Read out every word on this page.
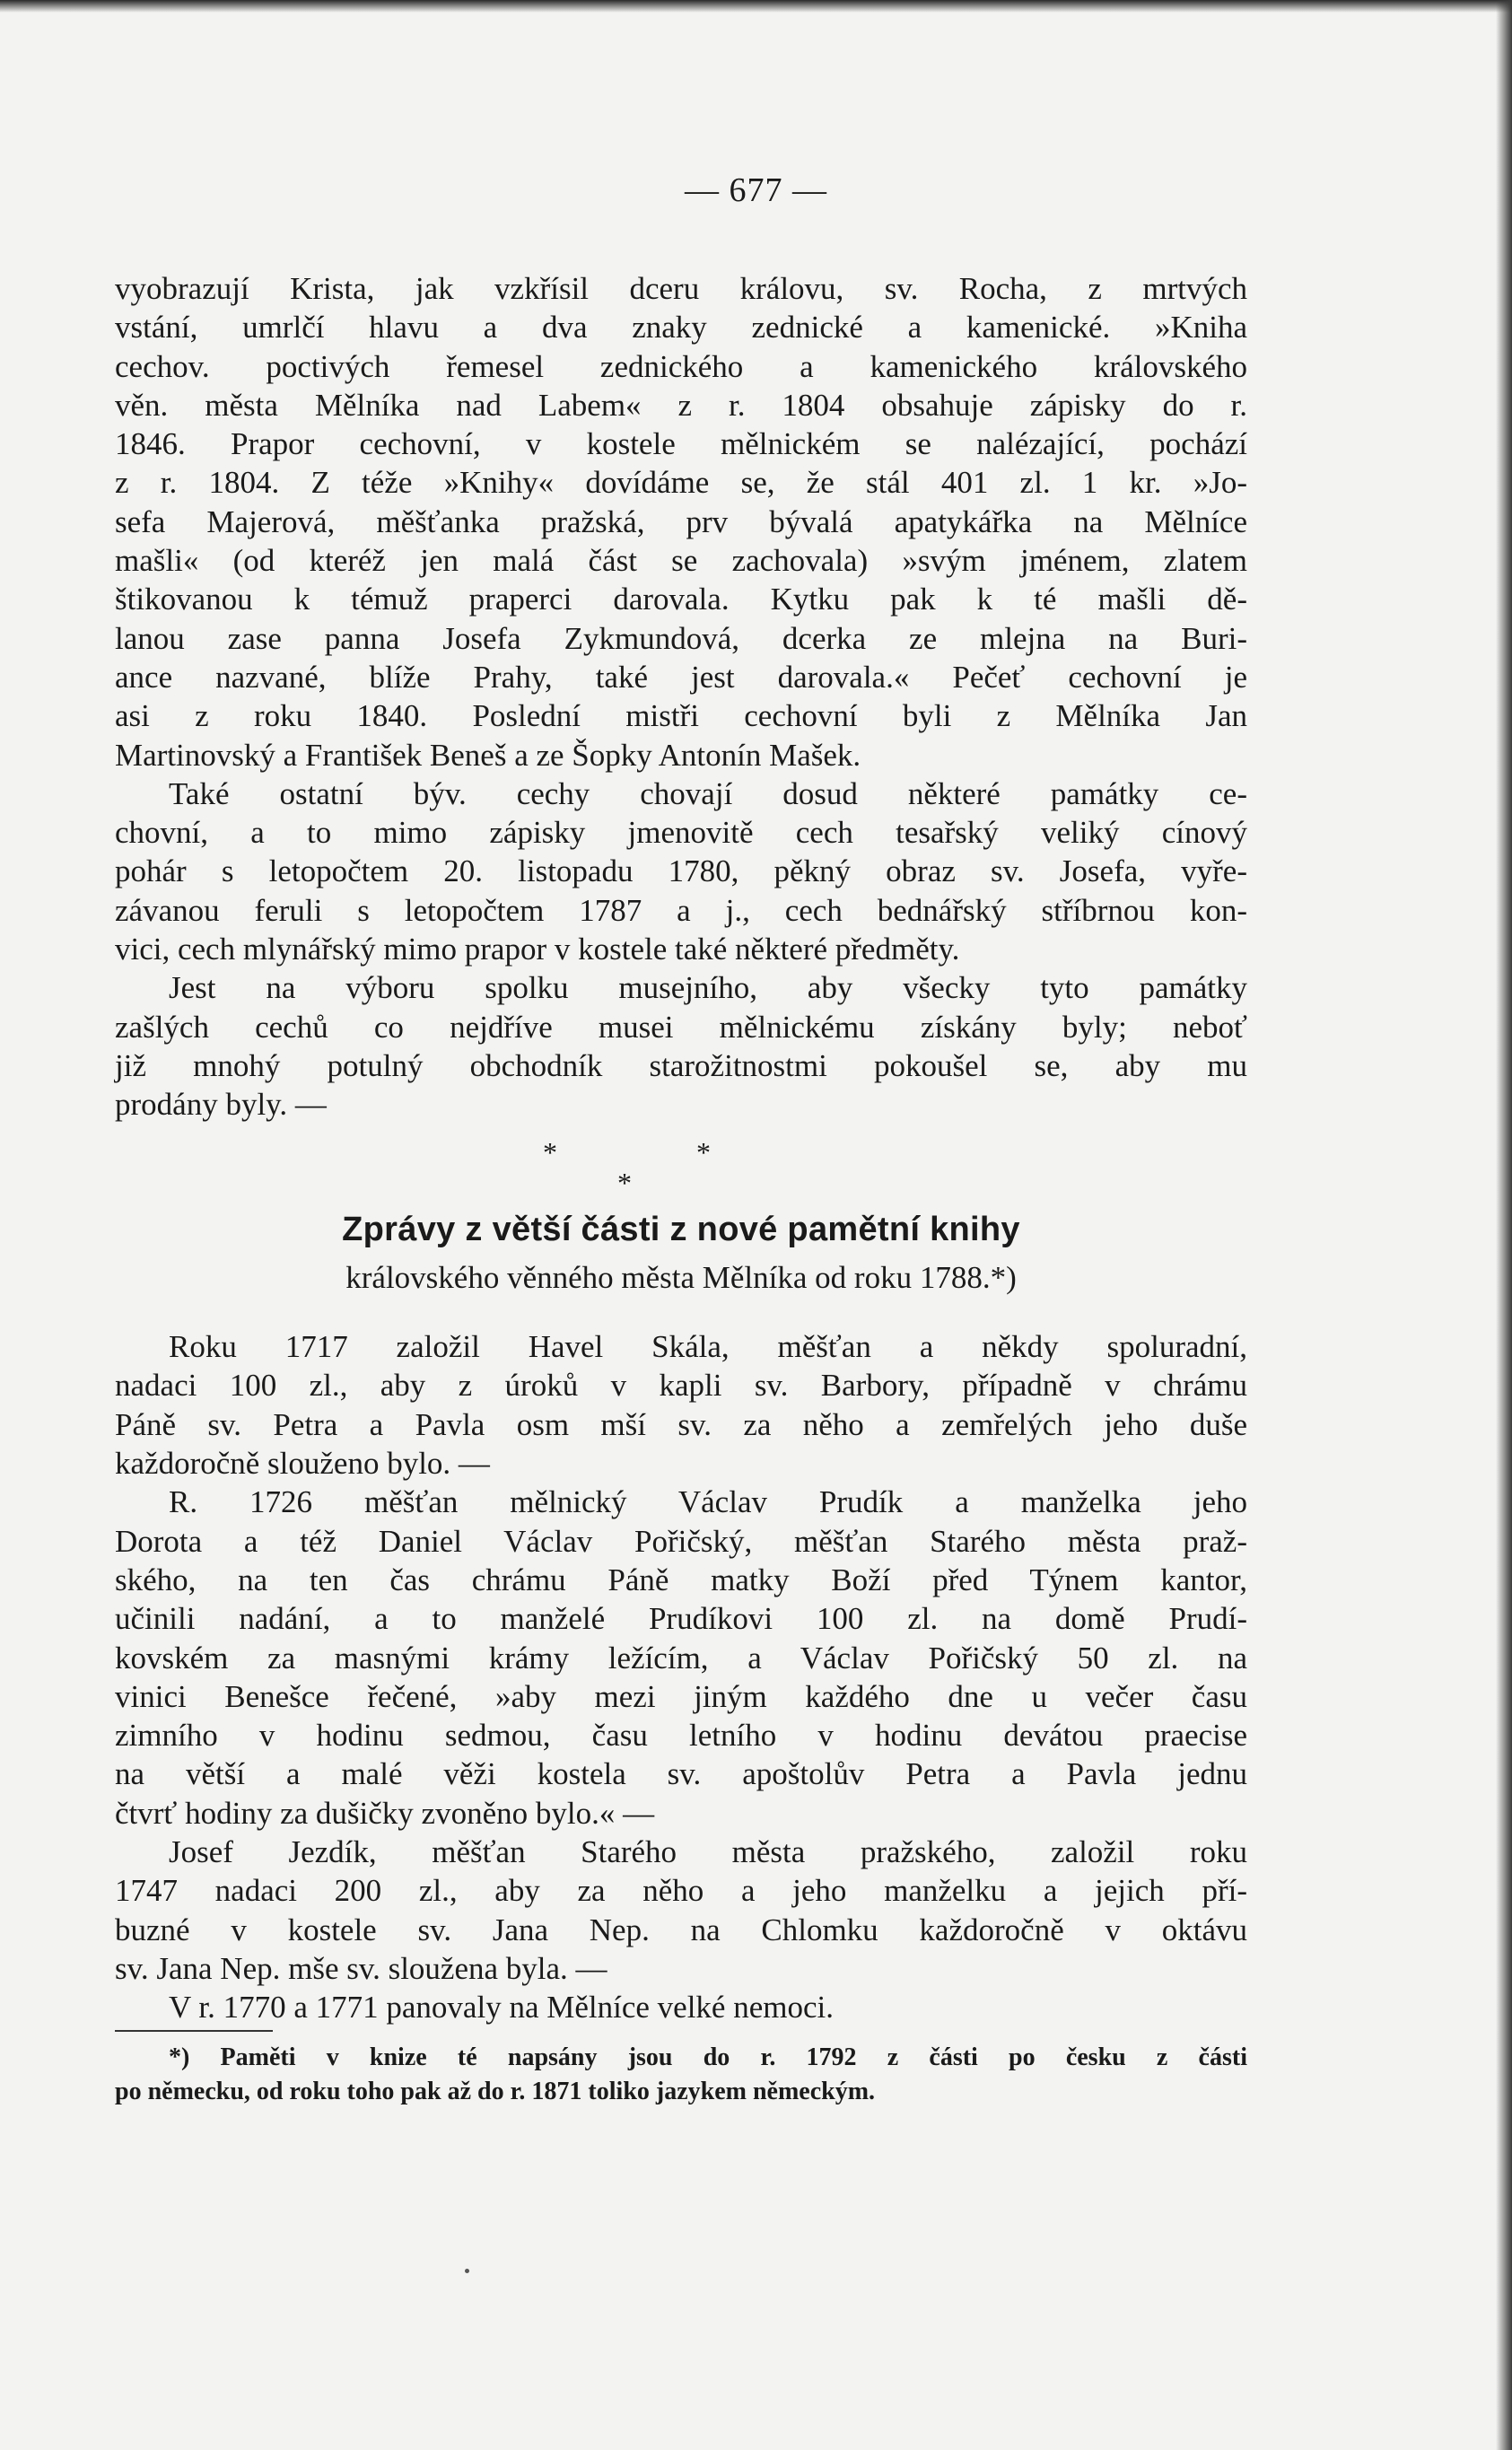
— 677 —

vyobrazují Krista, jak vzkřísil dceru královu, sv. Rocha, z mrtvých
vstání, umrlčí hlavu a dva znaky zednické a kamenické. »Kniha
cechov. poctivých řemesel zednického a kamenického královského
věn. města Mělníka nad Labem« z r. 1804 obsahuje zápisky do r.
1846. Prapor cechovní, v kostele mělnickém se nalézající, pochází
z r. 1804. Z téže »Knihy« dovídáme se, že stál 401 zl. 1 kr. »Jo-
sefa Majerová, měšťanka pražská, prv bývalá apatykářka na Mělníce
mašli« (od kteréž jen malá část se zachovala) »svým jménem, zlatem
štikovanou k témuž praperci darovala. Kytku pak k té mašli dě-
lanou zase panna Josefa Zykmundová, dcerka ze mlejna na Buri-
ance nazvané, blíže Prahy, také jest darovala.« Pečeť cechovní je
asi z roku 1840. Poslední mistři cechovní byli z Mělníka Jan
Martinovský a František Beneš a ze Šopky Antonín Mašek.

Také ostatní býv. cechy chovají dosud některé památky ce-
chovní, a to mimo zápisky jmenovitě cech tesařský veliký cínový
pohár s letopočtem 20. listopadu 1780, pěkný obraz sv. Josefa, vyře-
závanou feruli s letopočtem 1787 a j., cech bednářský stříbrnou kon-
vici, cech mlynářský mimo prapor v kostele také některé předměty.

Jest na výboru spolku musejního, aby všecky tyto památky
zašlých cechů co nejdříve musei mělnickému získány byly; neboť
již mnohý potulný obchodník starožitnostmi pokoušel se, aby mu
prodány byly. —

*
*
*
Zprávy z větší části z nové pamětní knihy
královského věnného města Mělníka od roku 1788.*)

Roku 1717 založil Havel Skála, měšťan a někdy spoluradní,
nadaci 100 zl., aby z úroků v kapli sv. Barbory, případně v chrámu
Páně sv. Petra a Pavla osm mší sv. za něho a zemřelých jeho duše
každoročně slouženo bylo. —

R. 1726 měšťan mělnický Václav Prudík a manželka jeho
Dorota a též Daniel Václav Pořičský, měšťan Starého města praž-
ského, na ten čas chrámu Páně matky Boží před Týnem kantor,
učinili nadání, a to manželé Prudíkovi 100 zl. na domě Prudí-
kovském za masnými krámy ležícím, a Václav Pořičský 50 zl. na
vinici Benešce řečené, »aby mezi jiným každého dne u večer času
zimního v hodinu sedmou, času letního v hodinu devátou praecise
na větší a malé věži kostela sv. apoštolův Petra a Pavla jednu
čtvrť hodiny za dušičky zvoněno bylo.« —

Josef Jezdík, měšťan Starého města pražského, založil roku
1747 nadaci 200 zl., aby za něho a jeho manželku a jejich pří-
buzné v kostele sv. Jana Nep. na Chlomku každoročně v oktávu
sv. Jana Nep. mše sv. sloužena byla. —

V r. 1770 a 1771 panovaly na Mělníce velké nemoci.

*) Paměti v knize té napsány jsou do r. 1792 z části po česku z části
po německu, od roku toho pak až do r. 1871 toliko jazykem německým.
